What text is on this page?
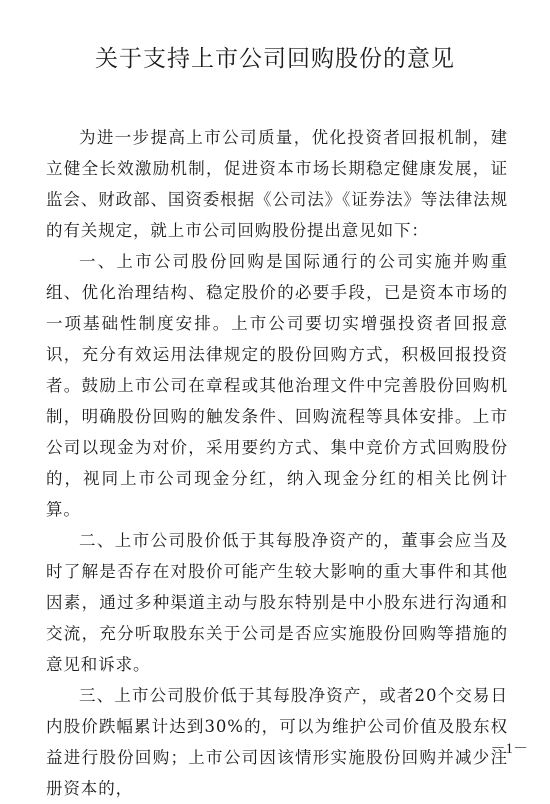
关于支持上市公司回购股份的意见

为进一步提高上市公司质量，优化投资者回报机制，建立健全长效激励机制，促进资本市场长期稳定健康发展，证监会、财政部、国资委根据《公司法》《证券法》等法律法规的有关规定，就上市公司回购股份提出意见如下：

一、上市公司股份回购是国际通行的公司实施并购重组、优化治理结构、稳定股价的必要手段，已是资本市场的一项基础性制度安排。上市公司要切实增强投资者回报意识，充分有效运用法律规定的股份回购方式，积极回报投资者。鼓励上市公司在章程或其他治理文件中完善股份回购机制，明确股份回购的触发条件、回购流程等具体安排。上市公司以现金为对价，采用要约方式、集中竞价方式回购股份的，视同上市公司现金分红，纳入现金分红的相关比例计算。

二、上市公司股价低于其每股净资产的，董事会应当及时了解是否存在对股价可能产生较大影响的重大事件和其他因素，通过多种渠道主动与股东特别是中小股东进行沟通和交流，充分听取股东关于公司是否应实施股份回购等措施的意见和诉求。

三、上市公司股价低于其每股净资产，或者20个交易日内股价跌幅累计达到30%的，可以为维护公司价值及股东权益进行股份回购；上市公司因该情形实施股份回购并减少注册资本的，

－1－
